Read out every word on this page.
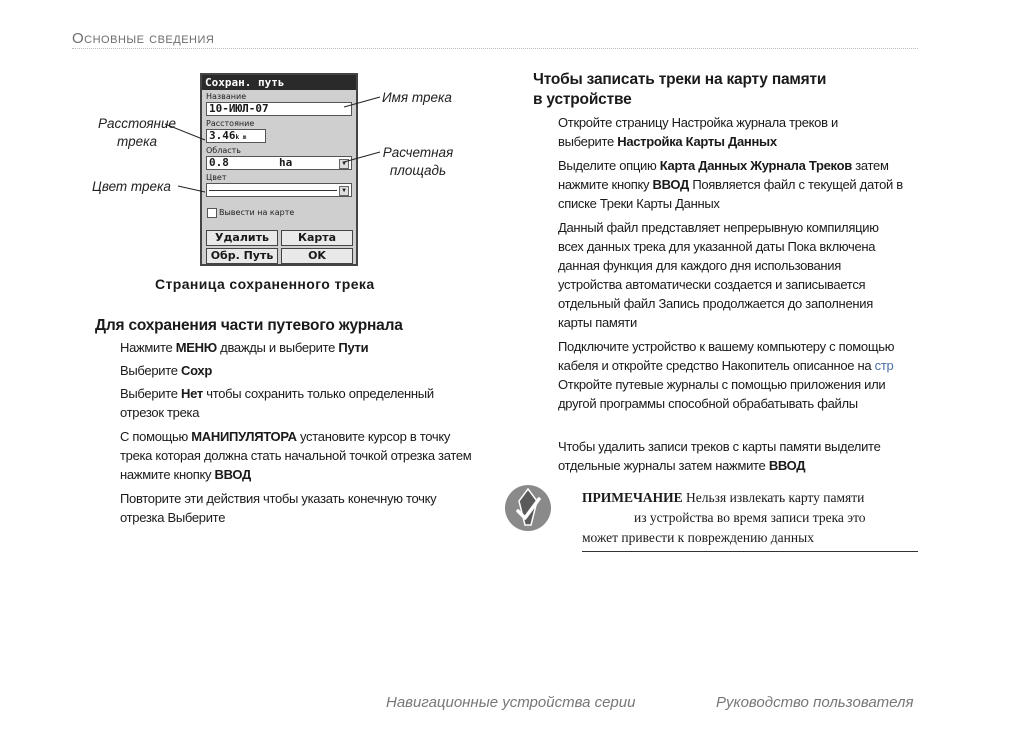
Основные сведения
Сохран. путь
Название
10-ИЮЛ-07
Расстояние
3.46k m
Область
0.8	ha	▼
Цвет
▼
Вывести на карте
Удалить	Карта
Обр. Путь	OK
Имя трека
Расстояние
трека
Расчетная
площадь
Цвет трека
Страница сохраненного трека
Для сохранения части путевого журнала
Нажмите МЕНЮ дважды и выберите Пути
Выберите Сохр
Выберите Нет чтобы сохранить только определенный отрезок трека
С помощью МАНИПУЛЯТОРА установите курсор в точку трека которая должна стать начальной точкой отрезка затем нажмите кнопку ВВОД
Повторите эти действия чтобы указать конечную точку отрезка Выберите
Чтобы записать треки на карту памяти
в устройстве
Откройте страницу Настройка журнала треков и выберите Настройка Карты Данных
Выделите опцию Карта Данных Журнала Треков затем нажмите кнопку ВВОД Появляется файл с текущей датой в списке Треки Карты Данных
Данный файл представляет непрерывную компиляцию всех данных трека для указанной даты Пока включена данная функция для каждого дня использования устройства автоматически создается и записывается отдельный файл Запись продолжается до заполнения карты памяти
Подключите устройство к вашему компьютеру с помощью кабеля и откройте средство Накопитель описанное на стр Откройте путевые журналы с помощью приложения или другой программы способной обрабатывать файлы
Чтобы удалить записи треков с карты памяти выделите отдельные журналы затем нажмите ВВОД
ПРИМЕЧАНИЕ Нельзя извлекать карту памяти
из устройства во время записи трека это
может привести к повреждению данных
Навигационные устройства серии	Руководство пользователя
